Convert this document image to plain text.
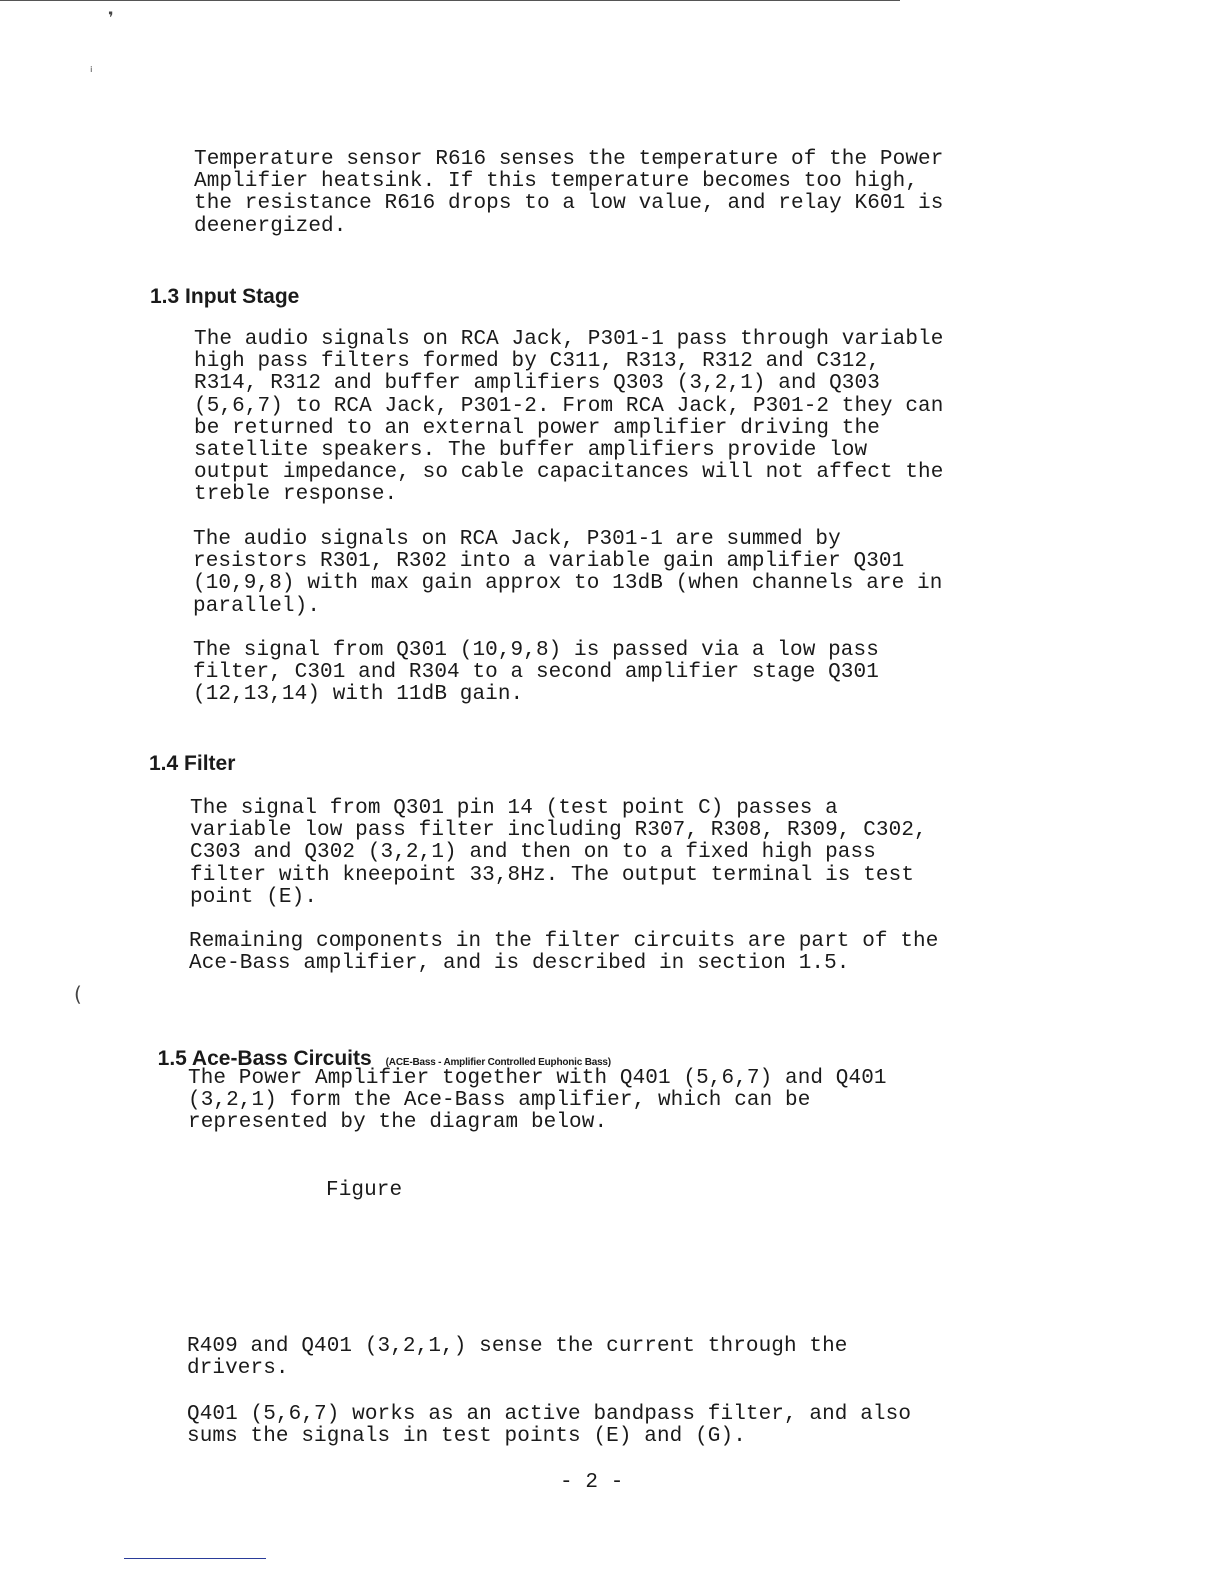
❜
ᵢ

Temperature sensor R616 senses the temperature of the Power
Amplifier heatsink. If this temperature becomes too high,
the resistance R616 drops to a low value, and relay K601 is
deenergized.

1.3 Input Stage

The audio signals on RCA Jack, P301-1 pass through variable
high pass filters formed by C311, R313, R312 and C312,
R314, R312 and buffer amplifiers Q303 (3,2,1) and Q303
(5,6,7) to RCA Jack, P301-2. From RCA Jack, P301-2 they can
be returned to an external power amplifier driving the
satellite speakers. The buffer amplifiers provide low
output impedance, so cable capacitances will not affect the
treble response.

The audio signals on RCA Jack, P301-1 are summed by
resistors R301, R302 into a variable gain amplifier Q301
(10,9,8) with max gain approx to 13dB (when channels are in
parallel).

The signal from Q301 (10,9,8) is passed via a low pass
filter, C301 and R304 to a second amplifier stage Q301
(12,13,14) with 11dB gain.

1.4 Filter

The signal from Q301 pin 14 (test point C) passes a
variable low pass filter including R307, R308, R309, C302,
C303 and Q302 (3,2,1) and then on to a fixed high pass
filter with kneepoint 33,8Hz. The output terminal is test
point (E).

Remaining components in the filter circuits are part of the
Ace-Bass amplifier, and is described in section 1.5.

(

1.5 Ace-Bass Circuits (ACE-Bass - Amplifier Controlled Euphonic Bass)

The Power Amplifier together with Q401 (5,6,7) and Q401
(3,2,1) form the Ace-Bass amplifier, which can be
represented by the diagram below.

Figure

R409 and Q401 (3,2,1,) sense the current through the
drivers.

Q401 (5,6,7) works as an active bandpass filter, and also
sums the signals in test points (E) and (G).

- 2 -
